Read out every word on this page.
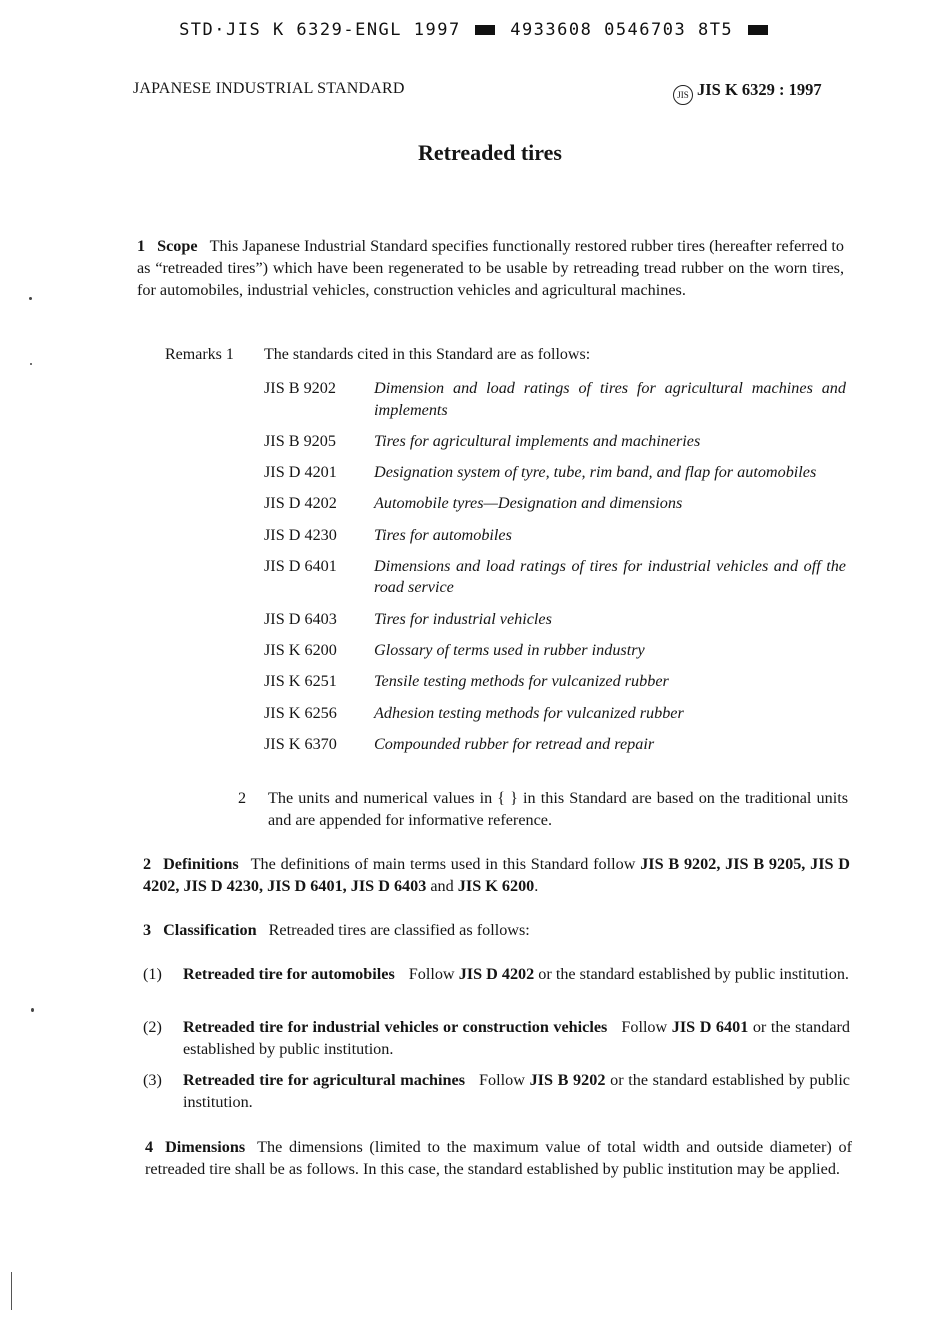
STD·JIS K 6329-ENGL 1997	4933608 0546703 8T5
JAPANESE INDUSTRIAL STANDARD	JIS JIS K 6329 : 1997
Retreaded tires
1 Scope This Japanese Industrial Standard specifies functionally restored rubber tires (hereafter referred to as “retreaded tires”) which have been regenerated to be usable by retreading tread rubber on the worn tires, for automobiles, industrial vehicles, construction vehicles and agricultural machines.
Remarks 1 The standards cited in this Standard are as follows:
JIS B 9202	Dimension and load ratings of tires for agricultural machines and implements
JIS B 9205	Tires for agricultural implements and machineries
JIS D 4201	Designation system of tyre, tube, rim band, and flap for automobiles
JIS D 4202	Automobile tyres—Designation and dimensions
JIS D 4230	Tires for automobiles
JIS D 6401	Dimensions and load ratings of tires for industrial vehicles and off the road service
JIS D 6403	Tires for industrial vehicles
JIS K 6200	Glossary of terms used in rubber industry
JIS K 6251	Tensile testing methods for vulcanized rubber
JIS K 6256	Adhesion testing methods for vulcanized rubber
JIS K 6370	Compounded rubber for retread and repair
2	The units and numerical values in { } in this Standard are based on the traditional units and are appended for informative reference.
2 Definitions The definitions of main terms used in this Standard follow JIS B 9202, JIS B 9205, JIS D 4202, JIS D 4230, JIS D 6401, JIS D 6403 and JIS K 6200.
3 Classification Retreaded tires are classified as follows:
(1)	Retreaded tire for automobiles Follow JIS D 4202 or the standard established by public institution.
(2)	Retreaded tire for industrial vehicles or construction vehicles Follow JIS D 6401 or the standard established by public institution.
(3)	Retreaded tire for agricultural machines Follow JIS B 9202 or the standard established by public institution.
4 Dimensions The dimensions (limited to the maximum value of total width and outside diameter) of retreaded tire shall be as follows. In this case, the standard established by public institution may be applied.
